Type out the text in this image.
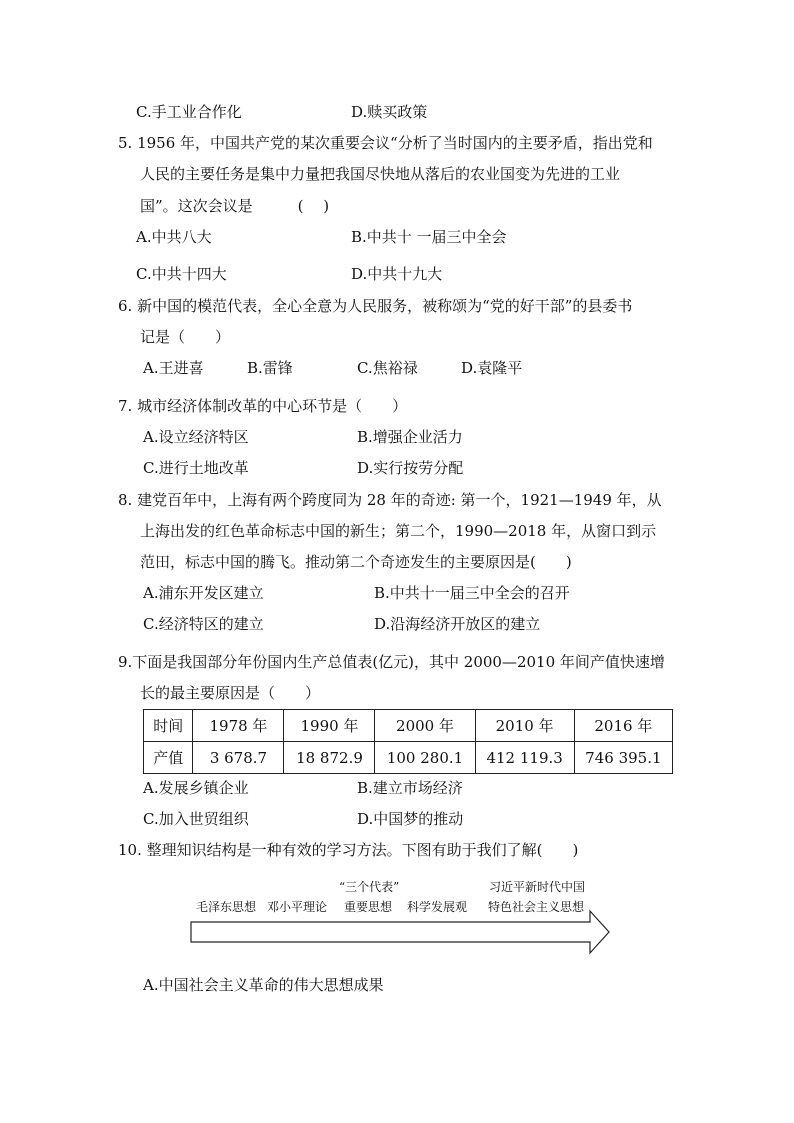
C.手工业合作化	D.赎买政策
5. 1956 年，中国共产党的某次重要会议“分析了当时国内的主要矛盾，指出党和
人民的主要任务是集中力量把我国尽快地从落后的农业国变为先进的工业
国”。这次会议是　　　(　 )
A.中共八大	B.中共十 一届三中全会
C.中共十四大	D.中共十九大
6. 新中国的模范代表，全心全意为人民服务，被称颂为“党的好干部”的县委书
记是（　　）
A.王进喜	B.雷锋	C.焦裕禄	D.袁隆平
7. 城市经济体制改革的中心环节是（　　）
A.设立经济特区	B.增强企业活力
C.进行土地改革	D.实行按劳分配
8. 建党百年中，上海有两个跨度同为 28 年的奇迹: 第一个，1921—1949 年，从
上海出发的红色革命标志中国的新生；第二个，1990—2018 年，从窗口到示
范田，标志中国的腾飞。推动第二个奇迹发生的主要原因是(　　)
A.浦东开发区建立	B.中共十一届三中全会的召开
C.经济特区的建立	D.沿海经济开放区的建立
9.下面是我国部分年份国内生产总值表(亿元)，其中 2000—2010 年间产值快速增
长的最主要原因是（　　）
时间	1978 年	1990 年	2000 年	2010 年	2016 年
产值	3 678.7	18 872.9	100 280.1	412 119.3	746 395.1
A.发展乡镇企业	B.建立市场经济
C.加入世贸组织	D.中国梦的推动
10. 整理知识结构是一种有效的学习方法。下图有助于我们了解(　　)
“三个代表”	习近平新时代中国
毛泽东思想 邓小平理论 重要思想 科学发展观 特色社会主义思想
A.中国社会主义革命的伟大思想成果
